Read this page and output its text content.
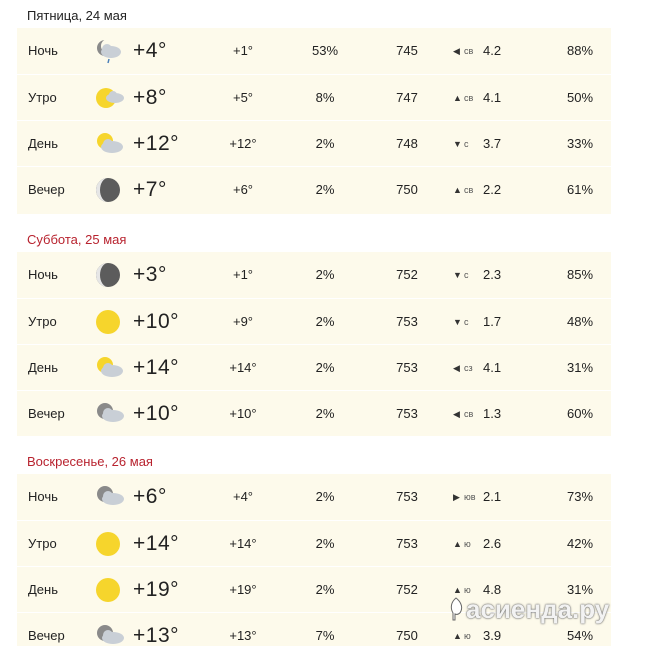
Пятница, 24 мая
Ночь	+4°	+1°	53%	745	◀ св 4.2	88%
Утро	+8°	+5°	8%	747	▲ св 4.1	50%
День	+12°	+12°	2%	748	▼ с 3.7	33%
Вечер	+7°	+6°	2%	750	▲ св 2.2	61%
Суббота, 25 мая
Ночь	+3°	+1°	2%	752	▼ с 2.3	85%
Утро	+10°	+9°	2%	753	▼ с 1.7	48%
День	+14°	+14°	2%	753	◀ сз 4.1	31%
Вечер	+10°	+10°	2%	753	◀ св 1.3	60%
Воскресенье, 26 мая
Ночь	+6°	+4°	2%	753	▶ юв 2.1	73%
Утро	+14°	+14°	2%	753	▲ ю 2.6	42%
День	+19°	+19°	2%	752	▲ ю 4.8	31%
Вечер	+13°	+13°	7%	750	▲ ю 3.9	54%
асиенда.ру
